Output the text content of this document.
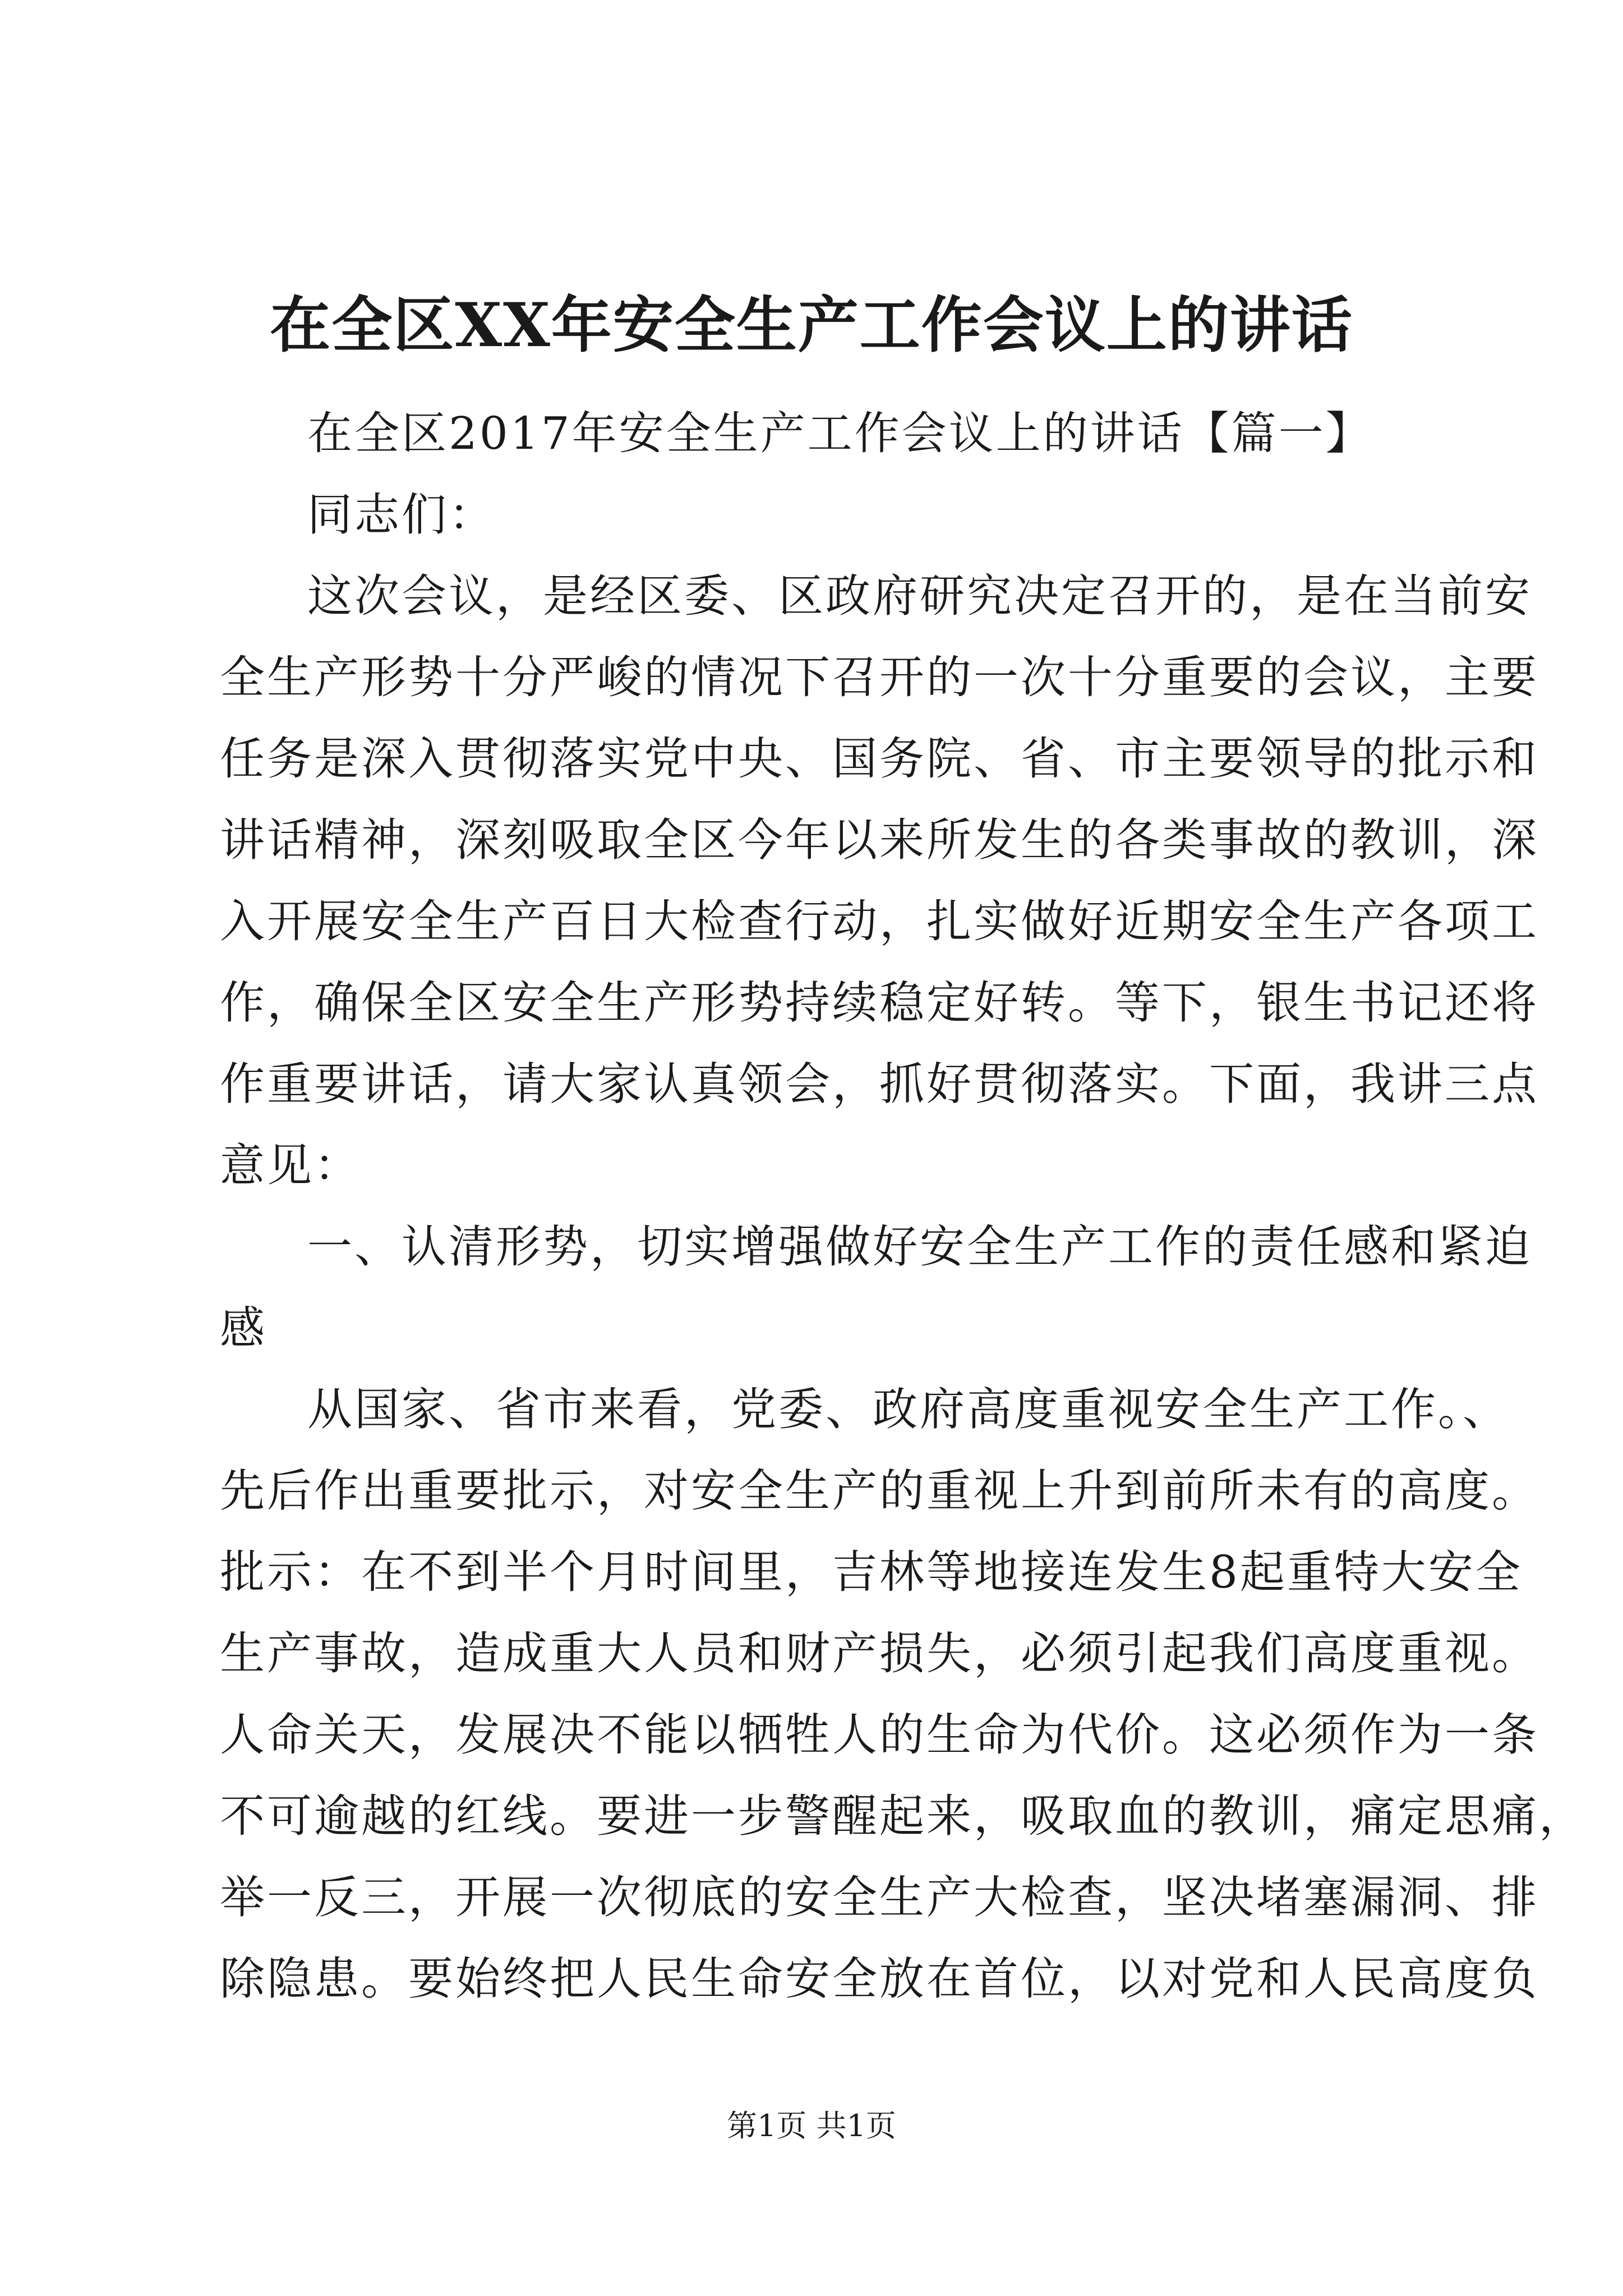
在全区XX年安全生产工作会议上的讲话
在全区2017年安全生产工作会议上的讲话【篇一】
同志们：
这次会议，是经区委、区政府研究决定召开的，是在当前安
全生产形势十分严峻的情况下召开的一次十分重要的会议，主要
任务是深入贯彻落实党中央、国务院、省、市主要领导的批示和
讲话精神，深刻吸取全区今年以来所发生的各类事故的教训，深
入开展安全生产百日大检查行动，扎实做好近期安全生产各项工
作，确保全区安全生产形势持续稳定好转。等下，银生书记还将
作重要讲话，请大家认真领会，抓好贯彻落实。下面，我讲三点
意见：
一、认清形势，切实增强做好安全生产工作的责任感和紧迫
感
从国家、省市来看，党委、政府高度重视安全生产工作。、
先后作出重要批示，对安全生产的重视上升到前所未有的高度。
批示：在不到半个月时间里，吉林等地接连发生8起重特大安全
生产事故，造成重大人员和财产损失，必须引起我们高度重视。
人命关天，发展决不能以牺牲人的生命为代价。这必须作为一条
不可逾越的红线。要进一步警醒起来，吸取血的教训，痛定思痛，
举一反三，开展一次彻底的安全生产大检查，坚决堵塞漏洞、排
除隐患。要始终把人民生命安全放在首位，以对党和人民高度负
第1页 共1页
